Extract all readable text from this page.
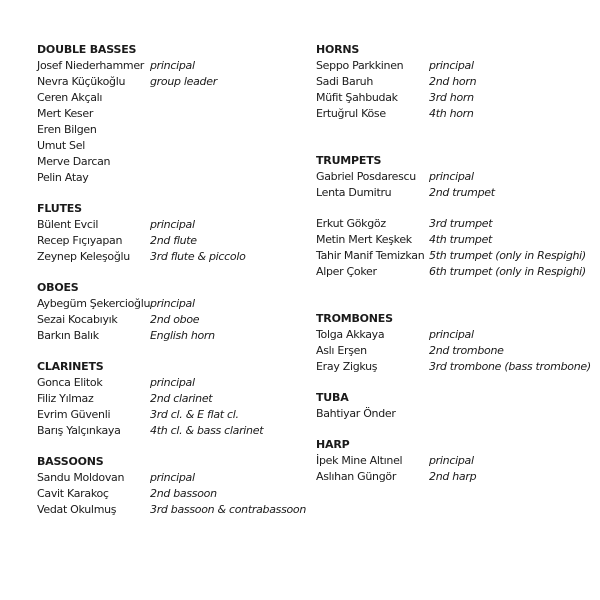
DOUBLE BASSES
Josef Niederhammer principal
Nevra Küçükoğlu group leader
Ceren Akçalı
Mert Keser
Eren Bilgen
Umut Sel
Merve Darcan
Pelin Atay
FLUTES
Bülent Evcil	principal
Recep Fıçıyapan	2nd flute
Zeynep Keleşoğlu 3rd flute & piccolo
OBOES
Aybegüm Şekercioğlu principal
Sezai Kocabıyık	2nd oboe
Barkın Balık	English horn
CLARINETS
Gonca Elitok	principal
Filiz Yılmaz	2nd clarinet
Evrim Güvenli	3rd cl. & E flat cl.
Barış Yalçınkaya	4th cl. & bass clarinet
BASSOONS
Sandu Moldovan principal
Cavit Karakoç	2nd bassoon
Vedat Okulmuş	3rd bassoon & contrabassoon
HORNS
Seppo Parkkinen principal
Sadi Baruh	2nd horn
Müfit Şahbudak	3rd horn
Ertuğrul Köse	4th horn
TRUMPETS
Gabriel Posdarescu principal
Lenta Dumitru	2nd trumpet
Erkut Gökgöz	3rd trumpet
Metin Mert Keşkek 4th trumpet
Tahir Manif Temizkan 5th trumpet (only in Respighi)
Alper Çoker	6th trumpet (only in Respighi)
TROMBONES
Tolga Akkaya	principal
Aslı Erşen	2nd trombone
Eray Zigkuş	3rd trombone (bass trombone)
TUBA
Bahtiyar Önder
HARP
İpek Mine Altınel principal
Aslıhan Güngör	2nd harp
